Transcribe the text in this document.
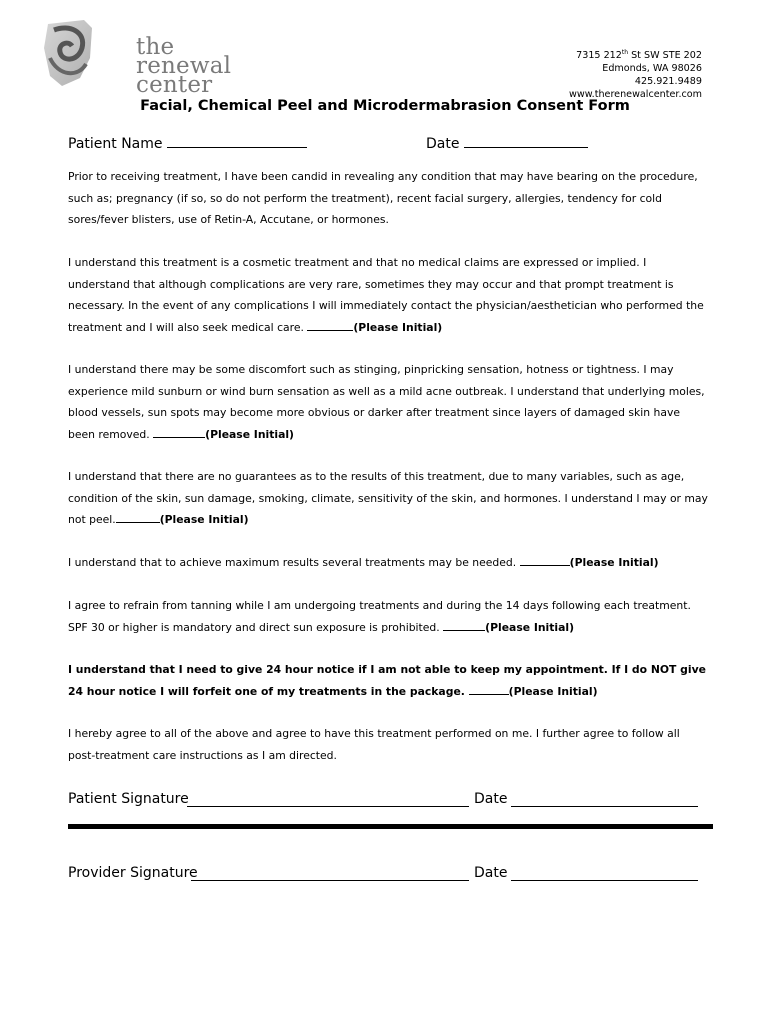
the
renewal
center
7315 212th St SW STE 202
Edmonds, WA 98026
425.921.9489
www.therenewalcenter.com
Facial, Chemical Peel and Microdermabrasion Consent Form
Patient Name	Date
Prior to receiving treatment, I have been candid in revealing any condition that may have bearing on the procedure, such as; pregnancy (if so, so do not perform the treatment), recent facial surgery, allergies, tendency for cold sores/fever blisters, use of Retin-A, Accutane, or hormones.
I understand this treatment is a cosmetic treatment and that no medical claims are expressed or implied. I understand that although complications are very rare, sometimes they may occur and that prompt treatment is necessary. In the event of any complications I will immediately contact the physician/aesthetician who performed the treatment and I will also seek medical care.	(Please Initial)
I understand there may be some discomfort such as stinging, pinpricking sensation, hotness or tightness. I may experience mild sunburn or wind burn sensation as well as a mild acne outbreak. I understand that underlying moles, blood vessels, sun spots may become more obvious or darker after treatment since layers of damaged skin have been removed.	(Please Initial)
I understand that there are no guarantees as to the results of this treatment, due to many variables, such as age, condition of the skin, sun damage, smoking, climate, sensitivity of the skin, and hormones. I understand I may or may not peel.	(Please Initial)
I understand that to achieve maximum results several treatments may be needed.	(Please Initial)
I agree to refrain from tanning while I am undergoing treatments and during the 14 days following each treatment. SPF 30 or higher is mandatory and direct sun exposure is prohibited.	(Please Initial)
I understand that I need to give 24 hour notice if I am not able to keep my appointment. If I do NOT give 24 hour notice I will forfeit one of my treatments in the package.	(Please Initial)
I hereby agree to all of the above and agree to have this treatment performed on me. I further agree to follow all post-treatment care instructions as I am directed.
Patient Signature	Date
Provider Signature	Date
